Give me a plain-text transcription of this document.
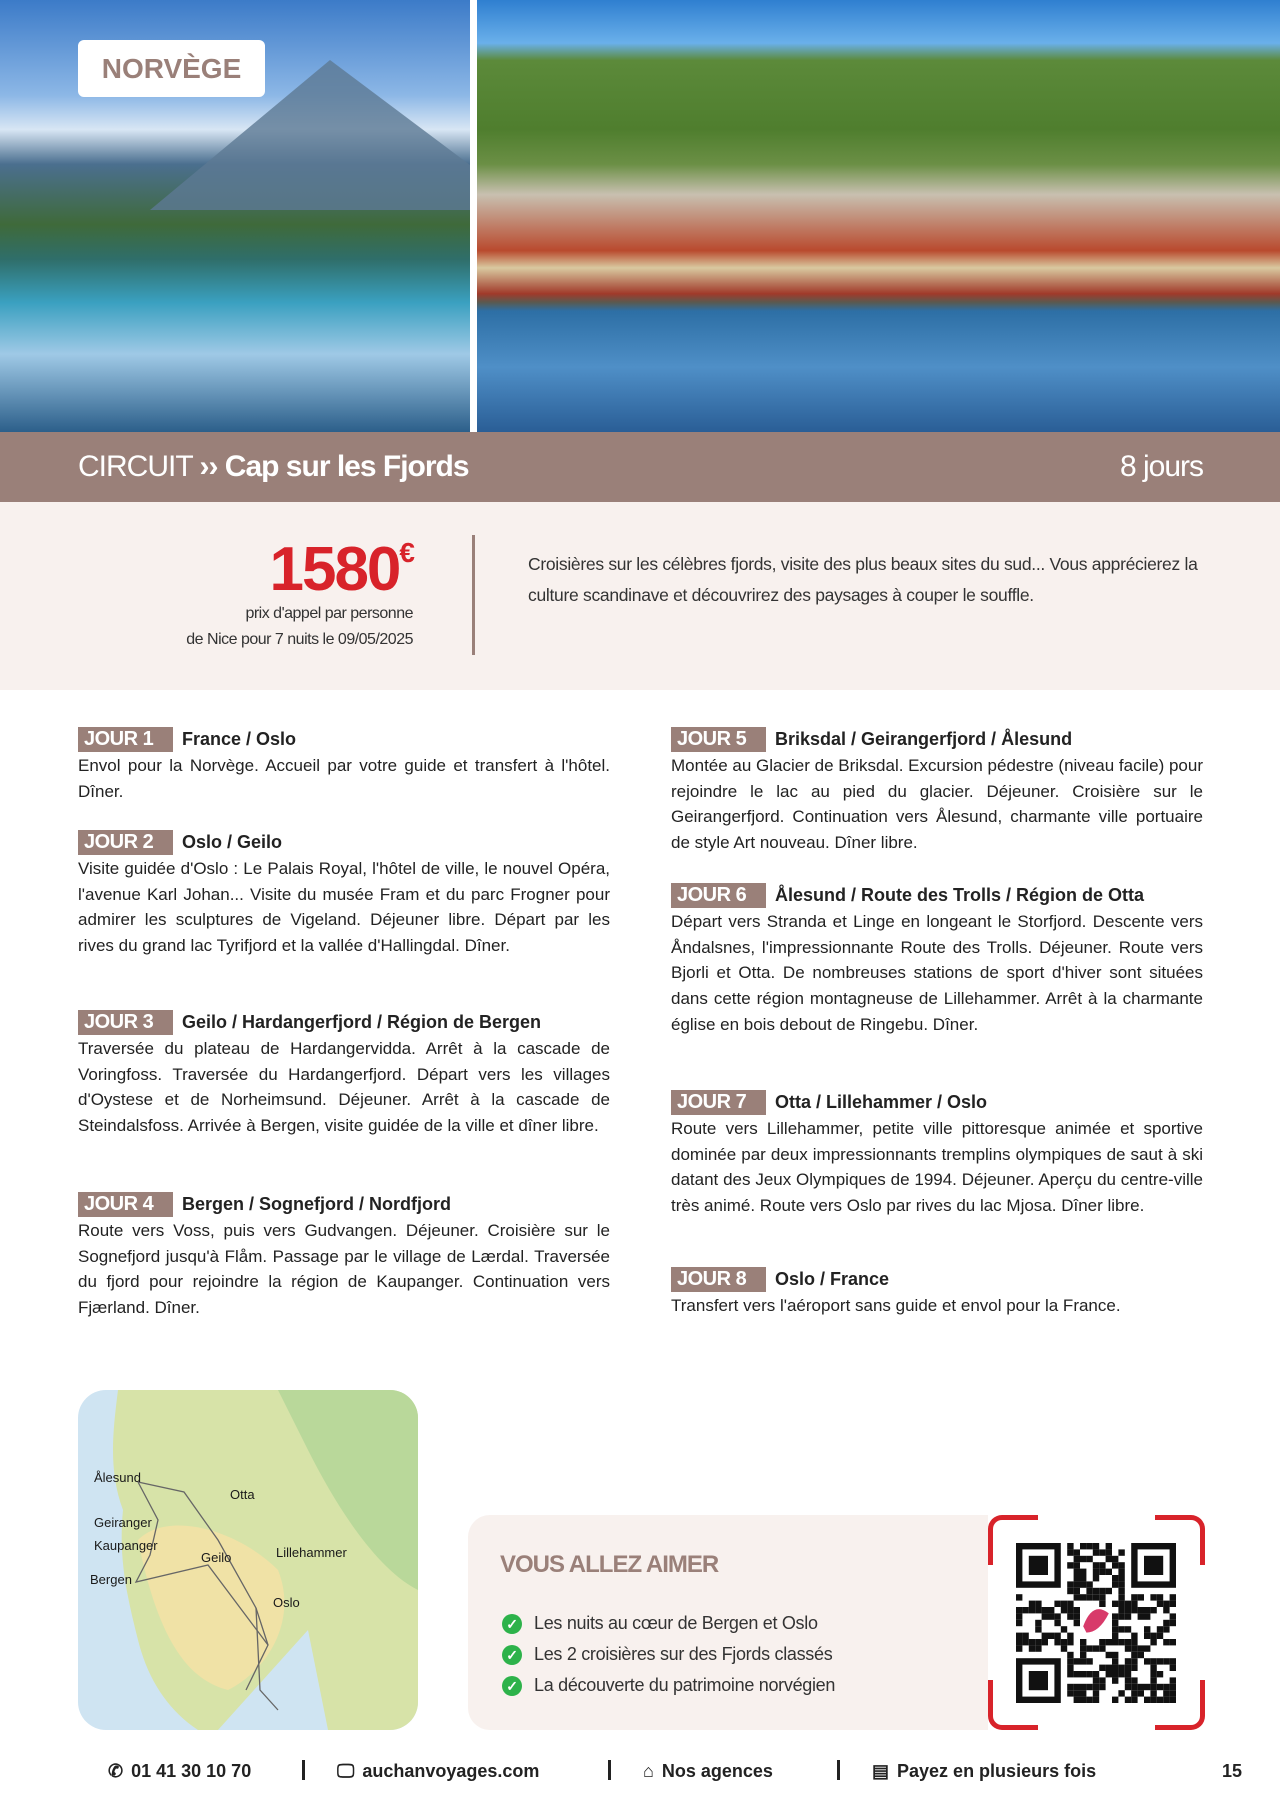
NORVÈGE
CIRCUIT ›› Cap sur les Fjords	8 jours
1580€
prix d'appel par personne
de Nice pour 7 nuits le 09/05/2025
Croisières sur les célèbres fjords, visite des plus beaux sites du sud... Vous apprécierez la culture scandinave et découvrirez des paysages à couper le souffle.
JOUR 1	France / Oslo

Envol pour la Norvège. Accueil par votre guide et transfert à l'hôtel. Dîner.

JOUR 2	Oslo / Geilo

Visite guidée d'Oslo : Le Palais Royal, l'hôtel de ville, le nouvel Opéra, l'avenue Karl Johan... Visite du musée Fram et du parc Frogner pour admirer les sculptures de Vigeland. Déjeuner libre. Départ par les rives du grand lac Tyrifjord et la vallée d'Hallingdal. Dîner.

JOUR 3	Geilo / Hardangerfjord / Région de Bergen

Traversée du plateau de Hardangervidda. Arrêt à la cascade de Voringfoss. Traversée du Hardangerfjord. Départ vers les villages d'Oystese et de Norheimsund. Déjeuner. Arrêt à la cascade de Steindalsfoss. Arrivée à Bergen, visite guidée de la ville et dîner libre.

JOUR 4	Bergen / Sognefjord / Nordfjord

Route vers Voss, puis vers Gudvangen. Déjeuner. Croisière sur le Sognefjord jusqu'à Flåm. Passage par le village de Lærdal. Traversée du fjord pour rejoindre la région de Kaupanger. Continuation vers Fjærland. Dîner.

JOUR 5	Briksdal / Geirangerfjord / Ålesund

Montée au Glacier de Briksdal. Excursion pédestre (niveau facile) pour rejoindre le lac au pied du glacier. Déjeuner. Croisière sur le Geirangerfjord. Continuation vers Ålesund, charmante ville portuaire de style Art nouveau. Dîner libre.

JOUR 6	Ålesund / Route des Trolls / Région de Otta

Départ vers Stranda et Linge en longeant le Storfjord. Descente vers Åndalsnes, l'impressionnante Route des Trolls. Déjeuner. Route vers Bjorli et Otta. De nombreuses stations de sport d'hiver sont situées dans cette région montagneuse de Lillehammer. Arrêt à la charmante église en bois debout de Ringebu. Dîner.

JOUR 7	Otta / Lillehammer / Oslo

Route vers Lillehammer, petite ville pittoresque animée et sportive dominée par deux impressionnants tremplins olympiques de saut à ski datant des Jeux Olympiques de 1994. Déjeuner. Aperçu du centre-ville très animé. Route vers Oslo par rives du lac Mjosa. Dîner libre.

JOUR 8	Oslo / France

Transfert vers l'aéroport sans guide et envol pour la France.

Ålesund
Otta
Geiranger
Kaupanger
Geilo	Lillehammer
Bergen
Oslo
VOUS ALLEZ AIMER
✓ Les nuits au cœur de Bergen et Oslo
✓ Les 2 croisières sur des Fjords classés
✓ La découverte du patrimoine norvégien
✆ 01 41 30 10 70	🖵 auchanvoyages.com	⌂ Nos agences	▤ Payez en plusieurs fois	15
